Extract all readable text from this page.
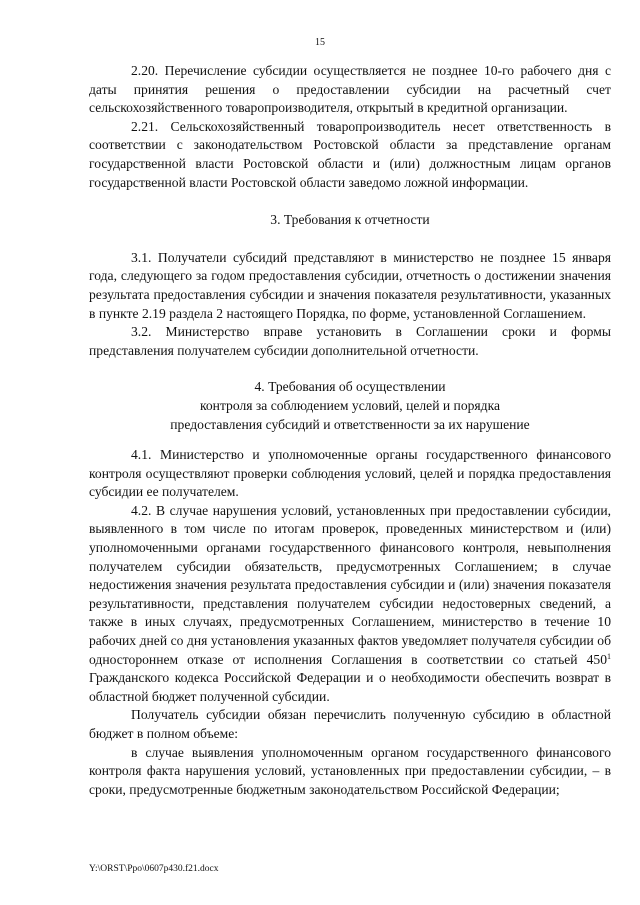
15

2.20. Перечисление субсидии осуществляется не позднее 10-го рабочего дня с даты принятия решения о предоставлении субсидии на расчетный счет сельскохозяйственного товаропроизводителя, открытый в кредитной организации.

2.21. Сельскохозяйственный товаропроизводитель несет ответственность в соответствии с законодательством Ростовской области за представление органам государственной власти Ростовской области и (или) должностным лицам органов государственной власти Ростовской области заведомо ложной информации.

3. Требования к отчетности

3.1. Получатели субсидий представляют в министерство не позднее 15 января года, следующего за годом предоставления субсидии, отчетность о достижении значения результата предоставления субсидии и значения показателя результативности, указанных в пункте 2.19 раздела 2 настоящего Порядка, по форме, установленной Соглашением.

3.2. Министерство вправе установить в Соглашении сроки и формы представления получателем субсидии дополнительной отчетности.

4. Требования об осуществлении

контроля за соблюдением условий, целей и порядка

предоставления субсидий и ответственности за их нарушение

4.1. Министерство и уполномоченные органы государственного финансового контроля осуществляют проверки соблюдения условий, целей и порядка предоставления субсидии ее получателем.

4.2. В случае нарушения условий, установленных при предоставлении субсидии, выявленного в том числе по итогам проверок, проведенных министерством и (или) уполномоченными органами государственного финансового контроля, невыполнения получателем субсидии обязательств, предусмотренных Соглашением; в случае недостижения значения результата предоставления субсидии и (или) значения показателя результативности, представления получателем субсидии недостоверных сведений, а также в иных случаях, предусмотренных Соглашением, министерство в течение 10 рабочих дней со дня установления указанных фактов уведомляет получателя субсидии об одностороннем отказе от исполнения Соглашения в соответствии со статьей $450^1$ Гражданского кодекса Российской Федерации и о необходимости обеспечить возврат в областной бюджет полученной субсидии.

Получатель субсидии обязан перечислить полученную субсидию в областной бюджет в полном объеме:

в случае выявления уполномоченным органом государственного финансового контроля факта нарушения условий, установленных при предоставлении субсидии, – в сроки, предусмотренные бюджетным законодательством Российской Федерации;

Y:\ORST\Ppo\0607p430.f21.docx
